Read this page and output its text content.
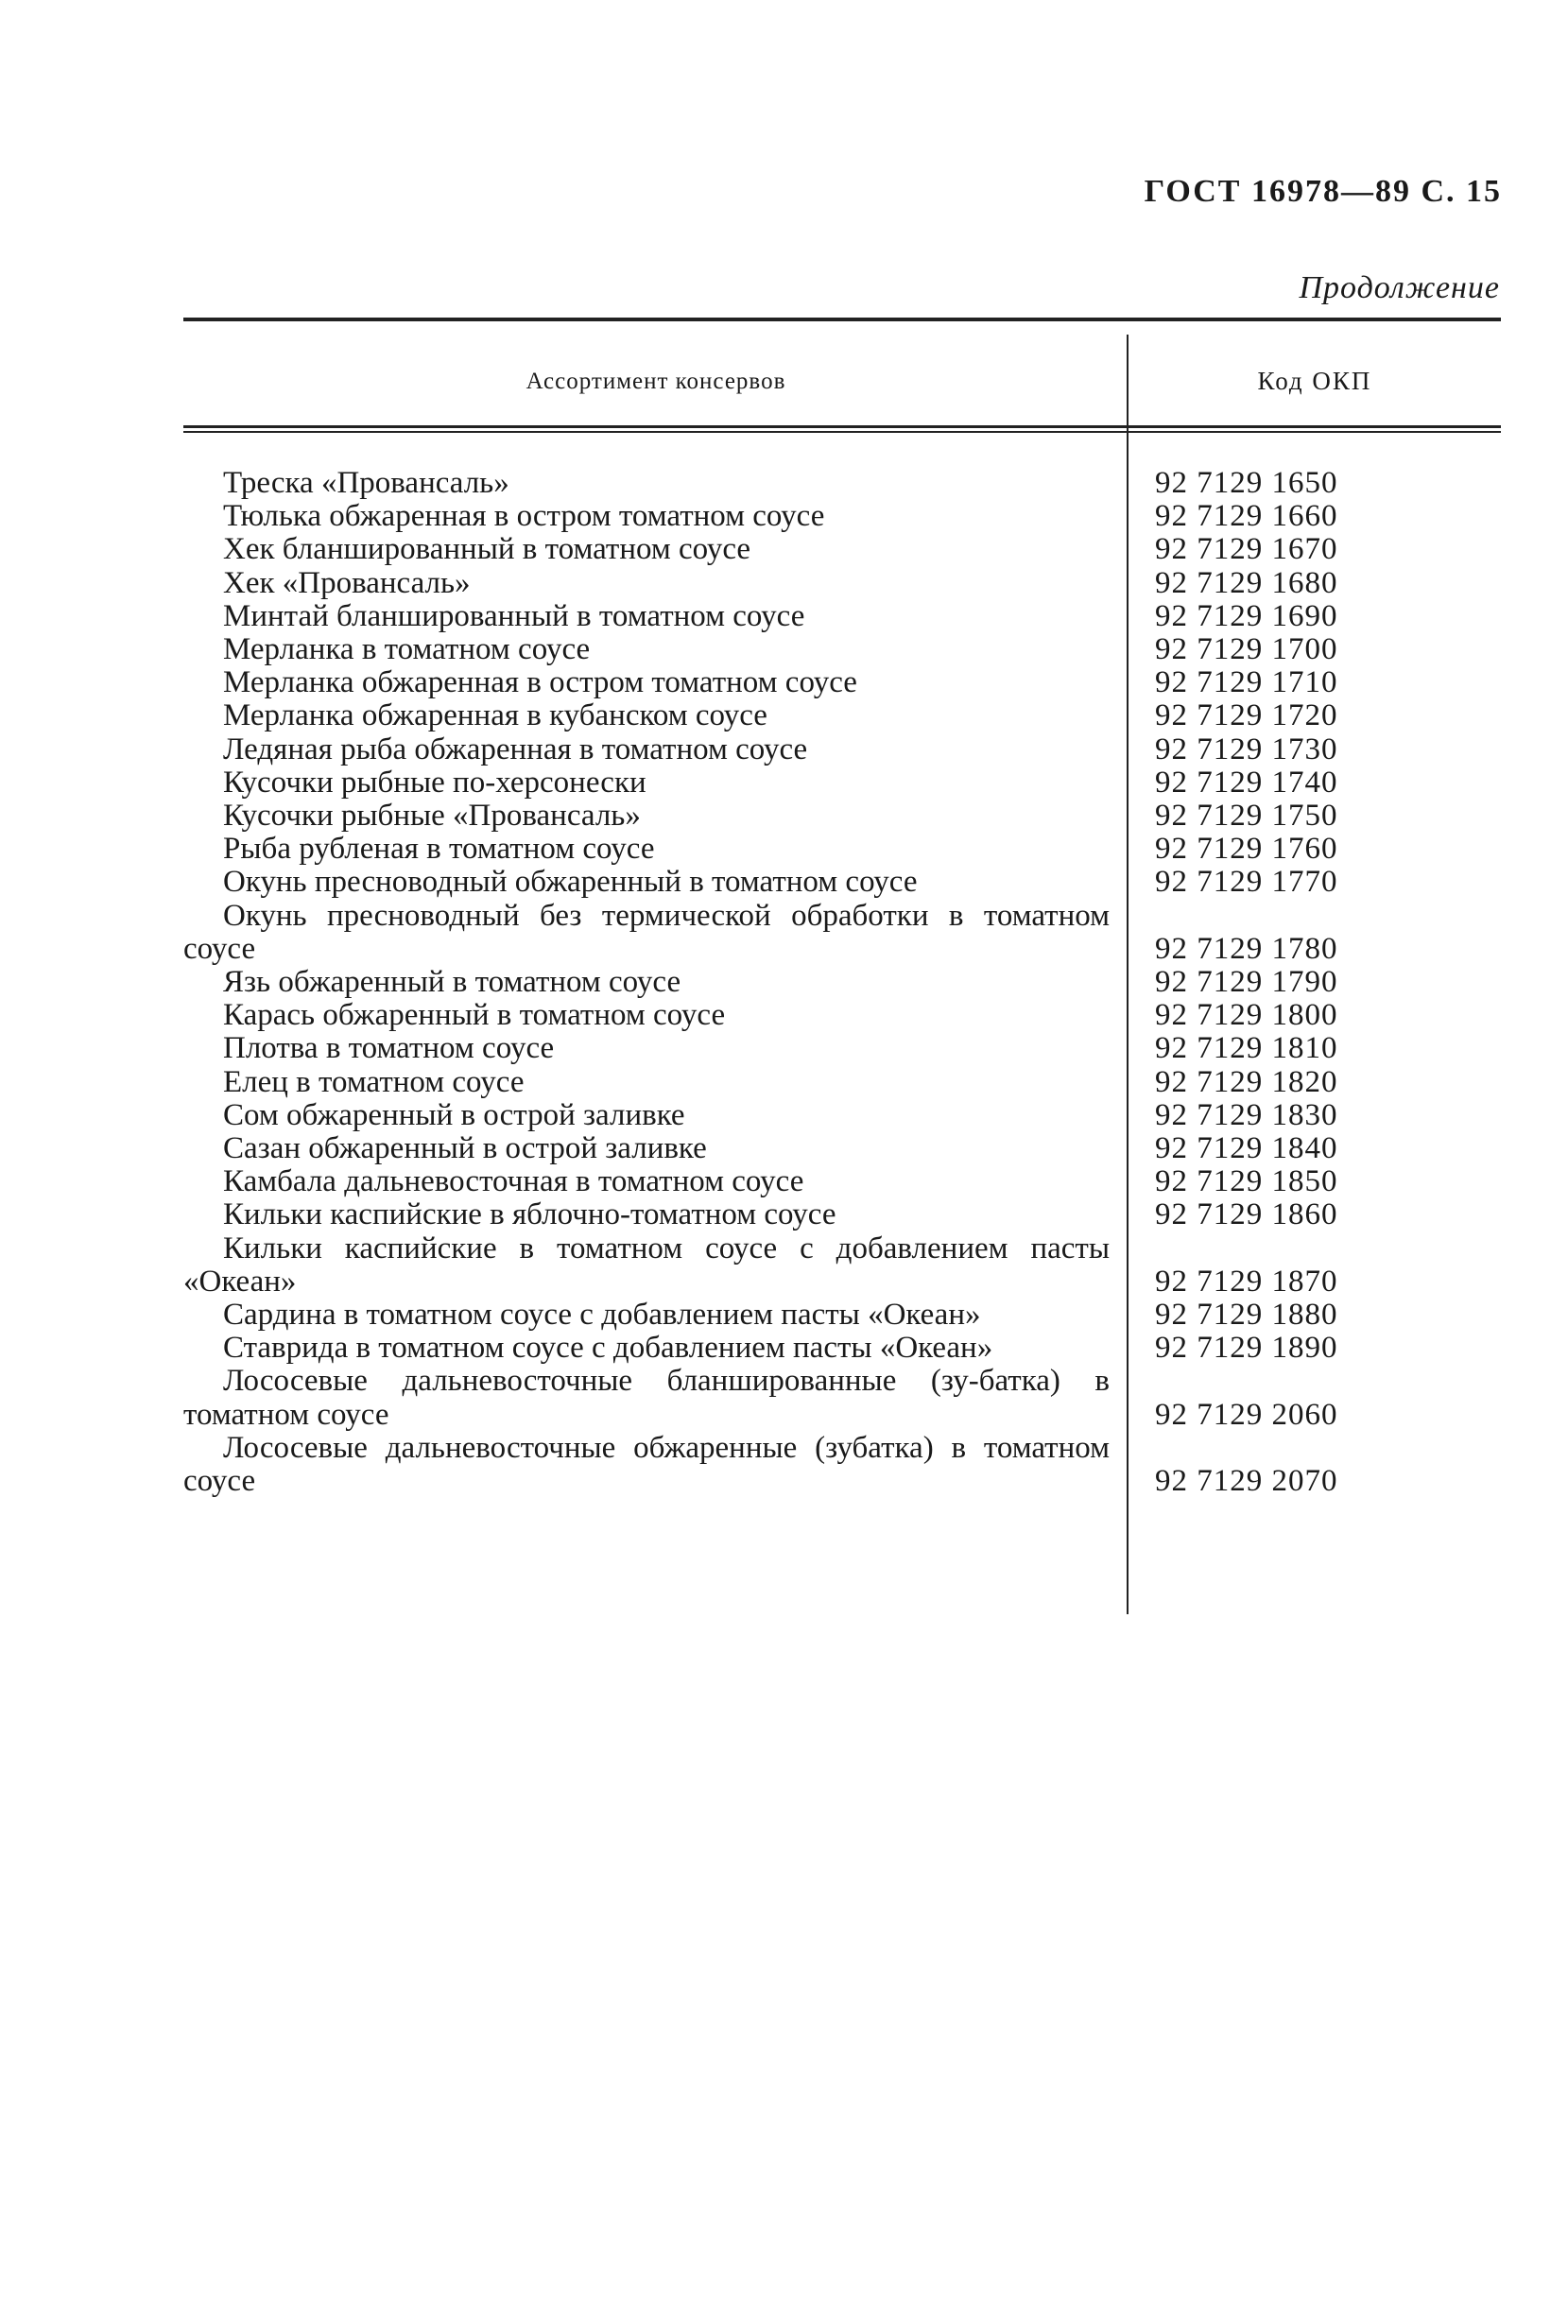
ГОСТ 16978—89 С. 15
Продолжение
Ассортимент консервов	Код ОКП
Треска «Провансаль»	92 7129 1650
Тюлька обжаренная в остром томатном соусе	92 7129 1660
Хек бланшированный в томатном соусе	92 7129 1670
Хек «Провансаль»	92 7129 1680
Минтай бланшированный в томатном соусе	92 7129 1690
Мерланка в томатном соусе	92 7129 1700
Мерланка обжаренная в остром томатном соусе	92 7129 1710
Мерланка обжаренная в кубанском соусе	92 7129 1720
Ледяная рыба обжаренная в томатном соусе	92 7129 1730
Кусочки рыбные по-херсонески	92 7129 1740
Кусочки рыбные «Провансаль»	92 7129 1750
Рыба рубленая в томатном соусе	92 7129 1760
Окунь пресноводный обжаренный в томатном соусе	92 7129 1770
Окунь пресноводный без термической обработки в томатном соусе	92 7129 1780
Язь обжаренный в томатном соусе	92 7129 1790
Карась обжаренный в томатном соусе	92 7129 1800
Плотва в томатном соусе	92 7129 1810
Елец в томатном соусе	92 7129 1820
Сом обжаренный в острой заливке	92 7129 1830
Сазан обжаренный в острой заливке	92 7129 1840
Камбала дальневосточная в томатном соусе	92 7129 1850
Кильки каспийские в яблочно-томатном соусе	92 7129 1860
Кильки каспийские в томатном соусе с добавлением пасты «Океан»	92 7129 1870
Сардина в томатном соусе с добавлением пасты «Океан»	92 7129 1880
Ставрида в томатном соусе с добавлением пасты «Океан»	92 7129 1890
Лососевые дальневосточные бланшированные (зу-батка) в томатном соусе	92 7129 2060
Лососевые дальневосточные обжаренные (зубатка) в томатном соусе	92 7129 2070
